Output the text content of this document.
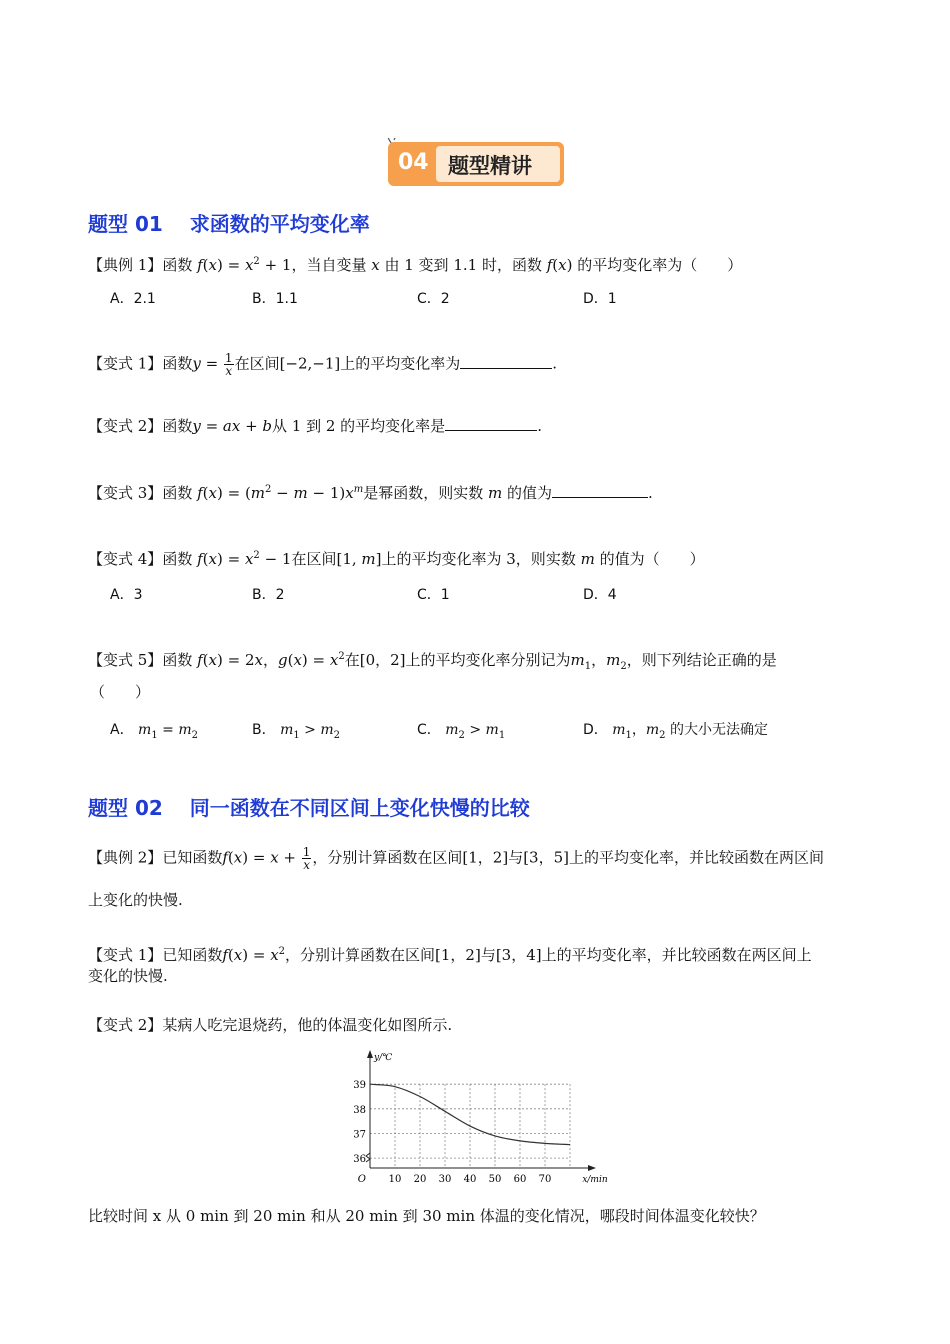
04 题型精讲
题型 01　 求函数的平均变化率
【典例 1】函数 $f(x) = x^2 + 1$，当自变量 x 由 1 变到 1.1 时，函数 f(x) 的平均变化率为（　　）
A．2.1	B．1.1	C．2	D．1
【变式 1】函数$y = \frac{1}{x}$ 在区间[−2,−1]上的平均变化率为	.
【变式 2】函数y = ax + b从 1 到 2 的平均变化率是	.
【变式 3】函数 $f(x) = (m^2 - m - 1)x^m$是幂函数，则实数 m 的值为	.
【变式 4】函数 $f(x) = x^2 - 1$在区间[1, m]上的平均变化率为 3，则实数 m 的值为（　　）
A．3	B．2	C．1	D．4
【变式 5】函数 f(x) = 2x，$g(x) = x^2$在[0，2]上的平均变化率分别记为$m_1$，$m_2$，则下列结论正确的是
（　　）
A． $m_1 = m_2$	B． $m_1 > m_2$	C． $m_2 > m_1$	D． $m_1$，$m_2$ 的大小无法确定
题型 02　 同一函数在不同区间上变化快慢的比较
【典例 2】已知函数$f(x) = x + \frac{1}{x}$ ，分别计算函数在区间[1，2]与[3，5]上的平均变化率，并比较函数在两区间
上变化的快慢.
【变式 1】已知函数$f(x) = x^2$，分别计算函数在区间[1，2]与[3，4]上的平均变化率，并比较函数在两区间上
变化的快慢.
【变式 2】某病人吃完退烧药，他的体温变化如图所示.
10 20 30 40 50 60 70
36
37
38
39
O	x/min
y/℃
比较时间 x 从 0 min 到 20 min 和从 20 min 到 30 min 体温的变化情况，哪段时间体温变化较快？
